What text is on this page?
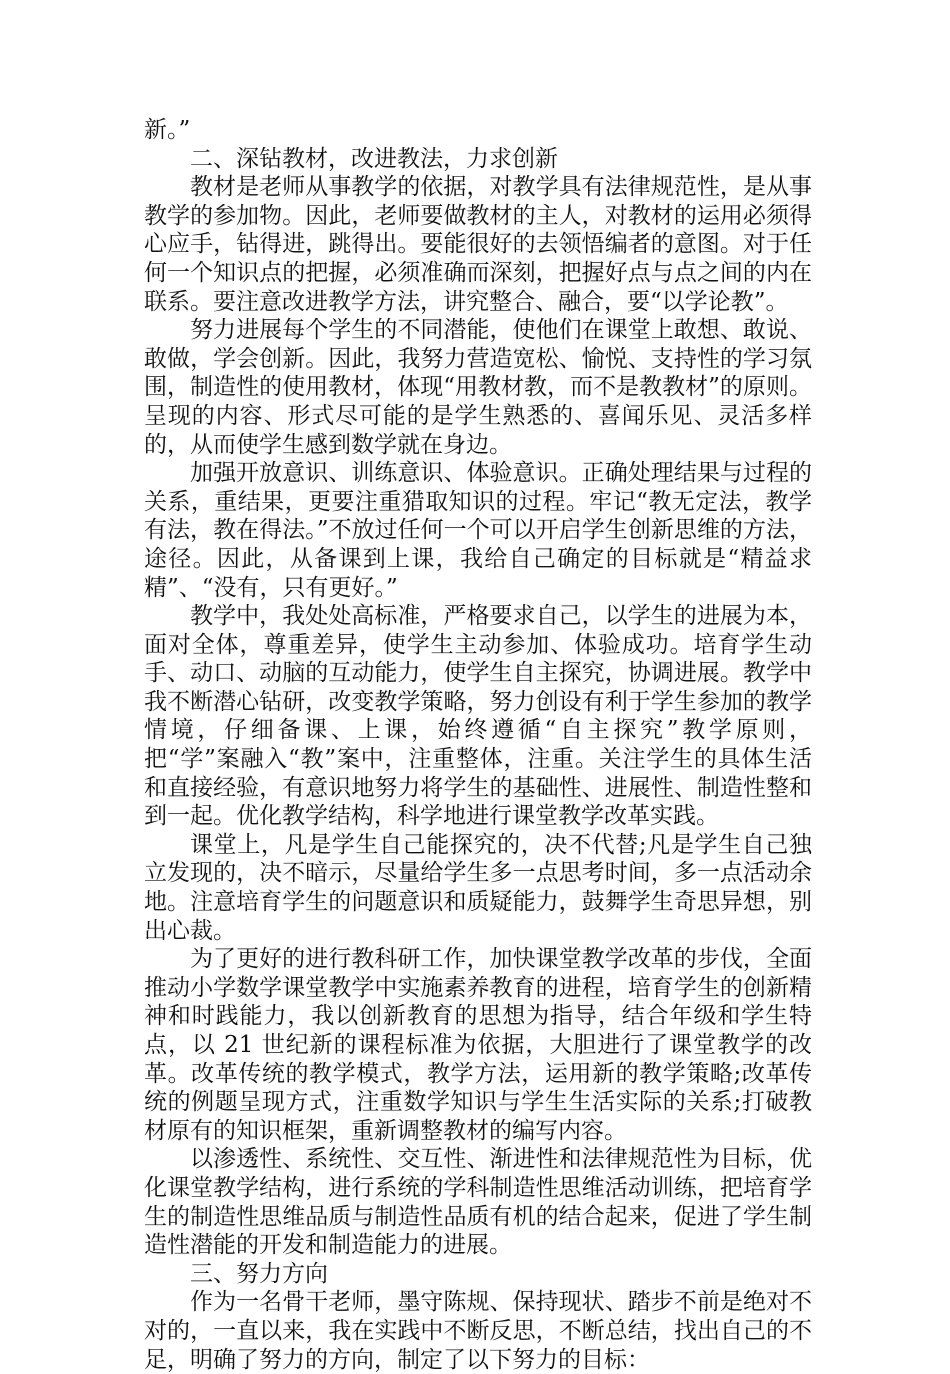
新。”

二、深钻教材，改进教法，力求创新

教材是老师从事教学的依据，对教学具有法律规范性，是从事教学的参加物。因此，老师要做教材的主人，对教材的运用必须得心应手，钻得进，跳得出。要能很好的去领悟编者的意图。对于任何一个知识点的把握，必须准确而深刻，把握好点与点之间的内在联系。要注意改进教学方法，讲究整合、融合，要“以学论教”。

努力进展每个学生的不同潜能，使他们在课堂上敢想、敢说、敢做，学会创新。因此，我努力营造宽松、愉悦、支持性的学习氛围，制造性的使用教材，体现“用教材教，而不是教教材”的原则。呈现的内容、形式尽可能的是学生熟悉的、喜闻乐见、灵活多样的，从而使学生感到数学就在身边。

加强开放意识、训练意识、体验意识。正确处理结果与过程的关系，重结果，更要注重猎取知识的过程。牢记“教无定法，教学有法，教在得法。”不放过任何一个可以开启学生创新思维的方法，途径。因此，从备课到上课，我给自己确定的目标就是“精益求精”、“没有，只有更好。”

教学中，我处处高标准，严格要求自己，以学生的进展为本，面对全体，尊重差异，使学生主动参加、体验成功。培育学生动手、动口、动脑的互动能力，使学生自主探究，协调进展。教学中我不断潜心钻研，改变教学策略，努力创设有利于学生参加的教学情境，仔细备课、上课，始终遵循“自主探究”教学原则，把“学”案融入“教”案中，注重整体，注重。关注学生的具体生活和直接经验，有意识地努力将学生的基础性、进展性、制造性整和到一起。优化教学结构，科学地进行课堂教学改革实践。

课堂上，凡是学生自己能探究的，决不代替;凡是学生自己独立发现的，决不暗示，尽量给学生多一点思考时间，多一点活动余地。注意培育学生的问题意识和质疑能力，鼓舞学生奇思异想，别出心裁。

为了更好的进行教科研工作，加快课堂教学改革的步伐，全面推动小学数学课堂教学中实施素养教育的进程，培育学生的创新精神和时践能力，我以创新教育的思想为指导，结合年级和学生特点，以 21 世纪新的课程标准为依据，大胆进行了课堂教学的改革。改革传统的教学模式，教学方法，运用新的教学策略;改革传统的例题呈现方式，注重数学知识与学生生活实际的关系;打破教材原有的知识框架，重新调整教材的编写内容。

以渗透性、系统性、交互性、渐进性和法律规范性为目标，优化课堂教学结构，进行系统的学科制造性思维活动训练，把培育学生的制造性思维品质与制造性品质有机的结合起来，促进了学生制造性潜能的开发和制造能力的进展。

三、努力方向

作为一名骨干老师，墨守陈规、保持现状、踏步不前是绝对不对的，一直以来，我在实践中不断反思，不断总结，找出自己的不足，明确了努力的方向，制定了以下努力的目标：
